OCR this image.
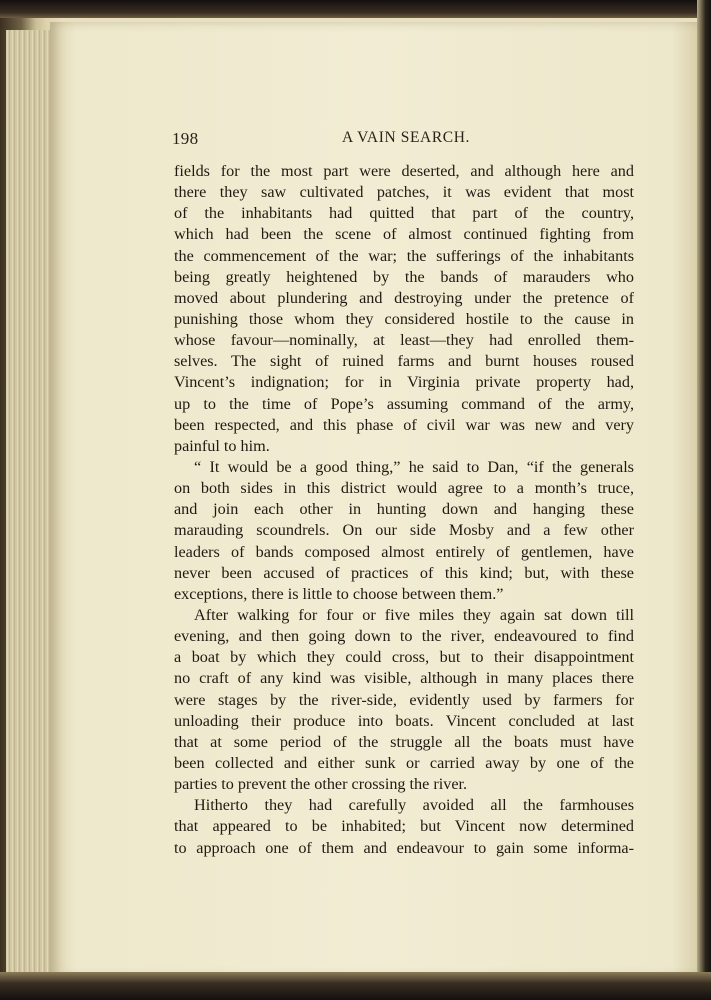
198	A VAIN SEARCH.
fields for the most part were deserted, and although here and
there they saw cultivated patches, it was evident that most
of the inhabitants had quitted that part of the country,
which had been the scene of almost continued fighting from
the commencement of the war; the sufferings of the inhabitants
being greatly heightened by the bands of marauders who
moved about plundering and destroying under the pretence of
punishing those whom they considered hostile to the cause in
whose favour—nominally, at least—they had enrolled them-
selves. The sight of ruined farms and burnt houses roused
Vincent’s indignation; for in Virginia private property had,
up to the time of Pope’s assuming command of the army,
been respected, and this phase of civil war was new and very
painful to him.
“ It would be a good thing,” he said to Dan, “if the generals
on both sides in this district would agree to a month’s truce,
and join each other in hunting down and hanging these
marauding scoundrels. On our side Mosby and a few other
leaders of bands composed almost entirely of gentlemen, have
never been accused of practices of this kind; but, with these
exceptions, there is little to choose between them.”
After walking for four or five miles they again sat down till
evening, and then going down to the river, endeavoured to find
a boat by which they could cross, but to their disappointment
no craft of any kind was visible, although in many places there
were stages by the river-side, evidently used by farmers for
unloading their produce into boats. Vincent concluded at last
that at some period of the struggle all the boats must have
been collected and either sunk or carried away by one of the
parties to prevent the other crossing the river.
Hitherto they had carefully avoided all the farmhouses
that appeared to be inhabited; but Vincent now determined
to approach one of them and endeavour to gain some informa-
